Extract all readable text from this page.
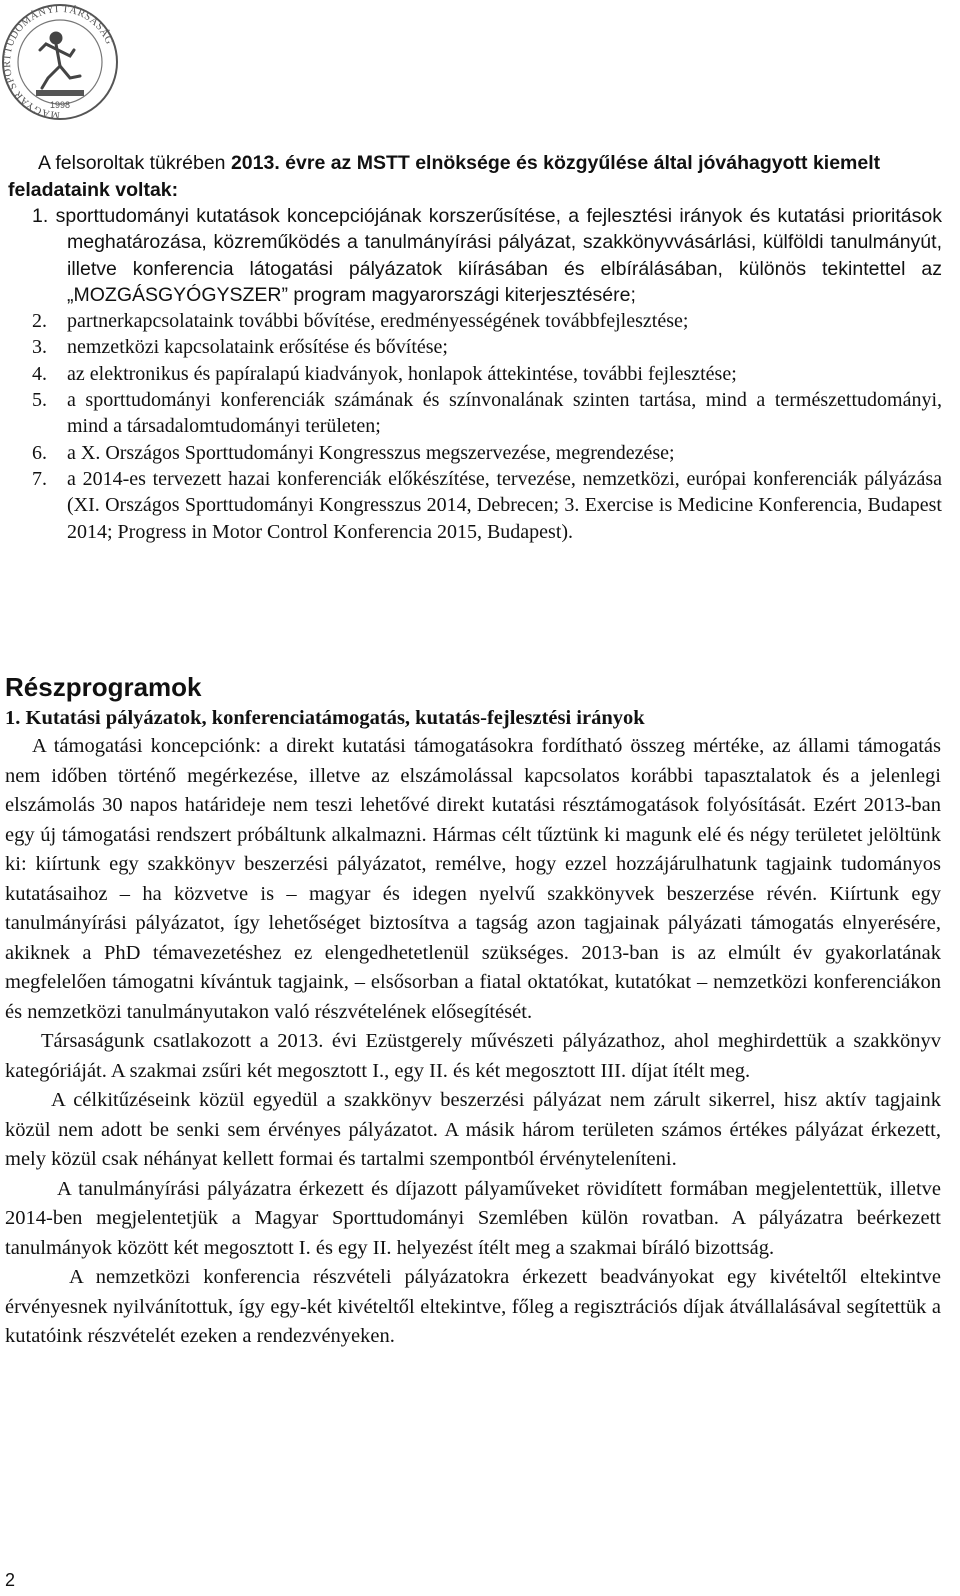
MAGYAR SPORTTUDOMÁNYI TÁRSASÁG
1998
A felsoroltak tükrében 2013. évre az MSTT elnöksége és közgyűlése által jóváhagyott kiemelt feladataink voltak:
1. sporttudományi kutatások koncepciójának korszerűsítése, a fejlesztési irányok és kutatási prioritások meghatározása, közreműködés a tanulmányírási pályázat, szakkönyvvásárlási, külföldi tanulmányút, illetve konferencia látogatási pályázatok kiírásában és elbírálásában, különös tekintettel az „MOZGÁSGYÓGYSZER” program magyarországi kiterjesztésére;
2. partnerkapcsolataink további bővítése, eredményességének továbbfejlesztése;
3. nemzetközi kapcsolataink erősítése és bővítése;
4. az elektronikus és papíralapú kiadványok, honlapok áttekintése, további fejlesztése;
5. a sporttudományi konferenciák számának és színvonalának szinten tartása, mind a természettudományi, mind a társadalomtudományi területen;
6. a X. Országos Sporttudományi Kongresszus megszervezése, megrendezése;
7. a 2014-es tervezett hazai konferenciák előkészítése, tervezése, nemzetközi, európai konferenciák pályázása (XI. Országos Sporttudományi Kongresszus 2014, Debrecen; 3. Exercise is Medicine Konferencia, Budapest 2014; Progress in Motor Control Konferencia 2015, Budapest).
Részprogramok
1. Kutatási pályázatok, konferenciatámogatás, kutatás-fejlesztési irányok

A támogatási koncepciónk: a direkt kutatási támogatásokra fordítható összeg mértéke, az állami támogatás nem időben történő megérkezése, illetve az elszámolással kapcsolatos korábbi tapasztalatok és a jelenlegi elszámolás 30 napos határideje nem teszi lehetővé direkt kutatási résztámogatások folyósítását. Ezért 2013-ban egy új támogatási rendszert próbáltunk alkalmazni. Hármas célt tűztünk ki magunk elé és négy területet jelöltünk ki: kiírtunk egy szakkönyv beszerzési pályázatot, remélve, hogy ezzel hozzájárulhatunk tagjaink tudományos kutatásaihoz – ha közvetve is – magyar és idegen nyelvű szakkönyvek beszerzése révén. Kiírtunk egy tanulmányírási pályázatot, így lehetőséget biztosítva a tagság azon tagjainak pályázati támogatás elnyerésére, akiknek a PhD témavezetéshez ez elengedhetetlenül szükséges. 2013-ban is az elmúlt év gyakorlatának megfelelően támogatni kívántuk tagjaink, – elsősorban a fiatal oktatókat, kutatókat – nemzetközi konferenciákon és nemzetközi tanulmányutakon való részvételének elősegítését.

Társaságunk csatlakozott a 2013. évi Ezüstgerely művészeti pályázathoz, ahol meghirdettük a szakkönyv kategóriáját. A szakmai zsűri két megosztott I., egy II. és két megosztott III. díjat ítélt meg.

A célkitűzéseink közül egyedül a szakkönyv beszerzési pályázat nem zárult sikerrel, hisz aktív tagjaink közül nem adott be senki sem érvényes pályázatot. A másik három területen számos értékes pályázat érkezett, mely közül csak néhányat kellett formai és tartalmi szempontból érvényteleníteni.

A tanulmányírási pályázatra érkezett és díjazott pályaműveket rövidített formában megjelentettük, illetve 2014-ben megjelentetjük a Magyar Sporttudományi Szemlében külön rovatban. A pályázatra beérkezett tanulmányok között két megosztott I. és egy II. helyezést ítélt meg a szakmai bíráló bizottság.

A nemzetközi konferencia részvételi pályázatokra érkezett beadványokat egy kivételtől eltekintve érvényesnek nyilvánítottuk, így egy-két kivételtől eltekintve, főleg a regisztrációs díjak átvállalásával segítettük a kutatóink részvételét ezeken a rendezvényeken.

2
